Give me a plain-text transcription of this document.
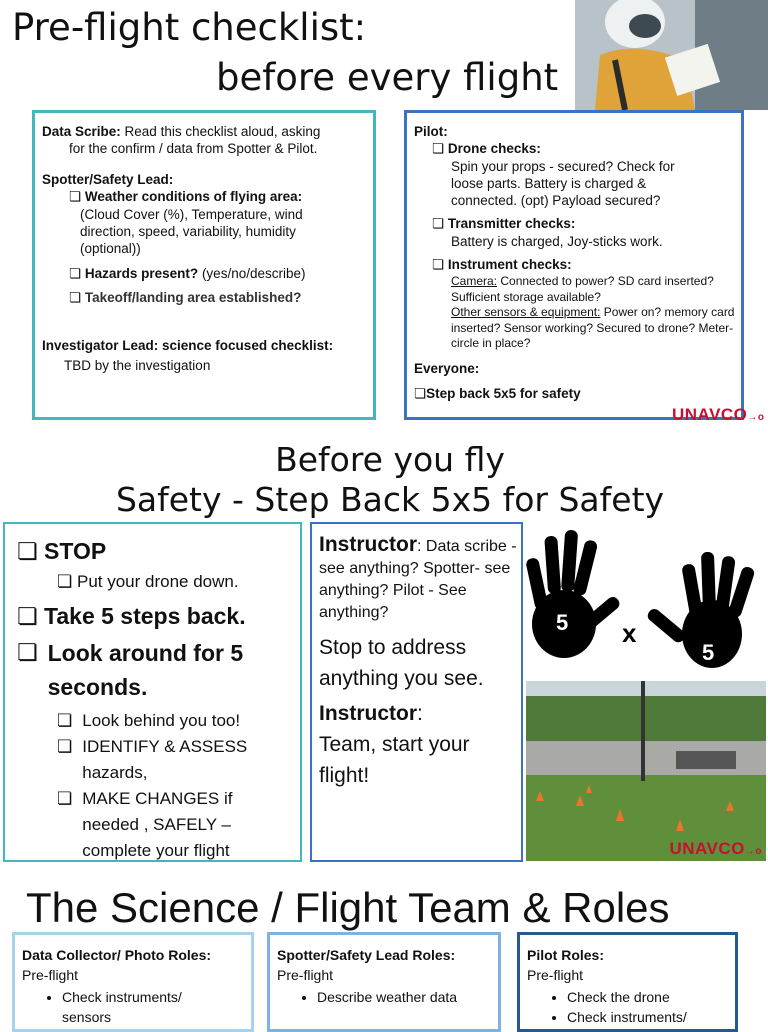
Pre-flight checklist:
before every flight
Data Scribe: Read this checklist aloud, asking
for the confirm / data from Spotter & Pilot.
Spotter/Safety Lead:
❏ Weather conditions of flying area:
(Cloud Cover (%), Temperature, wind direction, speed, variability, humidity (optional))
❏ Hazards present? (yes/no/describe)
❏ Takeoff/landing area established?
Investigator Lead: science focused checklist:
TBD by the investigation
Pilot:
❏ Drone checks:
Spin your props - secured? Check for loose parts. Battery is charged & connected. (opt) Payload secured?
❏ Transmitter checks:
Battery is charged, Joy-sticks work.
❏ Instrument checks:
Camera: Connected to power? SD card inserted? Sufficient storage available?
Other sensors & equipment: Power on? memory card inserted? Sensor working? Secured to drone? Meter-circle in place?
Everyone:
❏Step back 5x5 for safety
UNAVCO→o
Before you fly
Safety - Step Back 5x5 for Safety
❏ STOP
❏ Put your drone down.
❏ Take 5 steps back.
❏ Look around for 5 seconds.
❏ Look behind you too!
❏ IDENTIFY & ASSESS hazards,
❏ MAKE CHANGES if needed , SAFELY – complete your flight
Instructor: Data scribe - see anything? Spotter- see anything? Pilot - See anything?
Stop to address anything you see.
Instructor:
Team, start your flight!
5 x
5
UNAVCO→o
The Science / Flight Team & Roles
Data Collector/ Photo Roles:
Pre-flight
• Check instruments/ sensors
Spotter/Safety Lead Roles:
Pre-flight
• Describe weather data
Pilot Roles:
Pre-flight
• Check the drone
• Check instruments/
